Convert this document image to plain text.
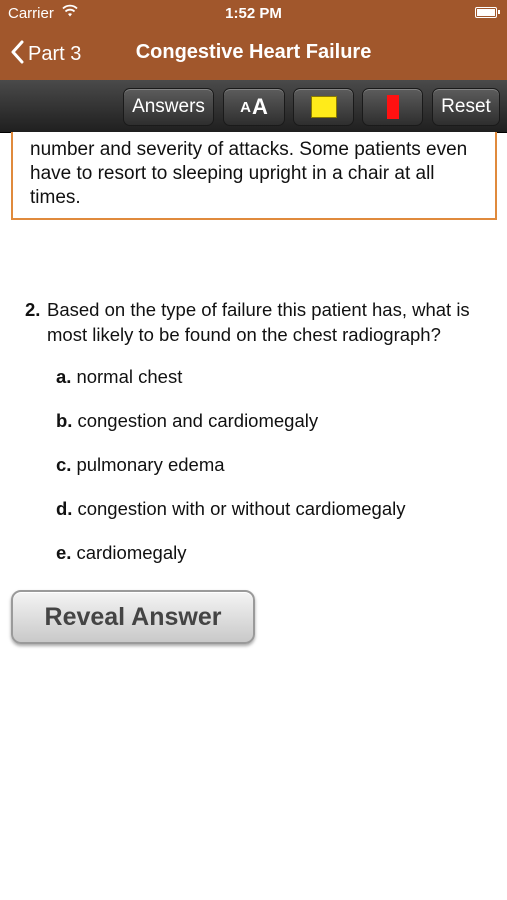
Carrier	1:52 PM
Part 3	Congestive Heart Failure
Answers A A	Reset
number and severity of attacks. Some patients even have to resort to sleeping upright in a chair at all times.
2. Based on the type of failure this patient has, what is most likely to be found on the chest radiograph?
a. normal chest
b. congestion and cardiomegaly
c. pulmonary edema
d. congestion with or without cardiomegaly
e. cardiomegaly
Reveal Answer
